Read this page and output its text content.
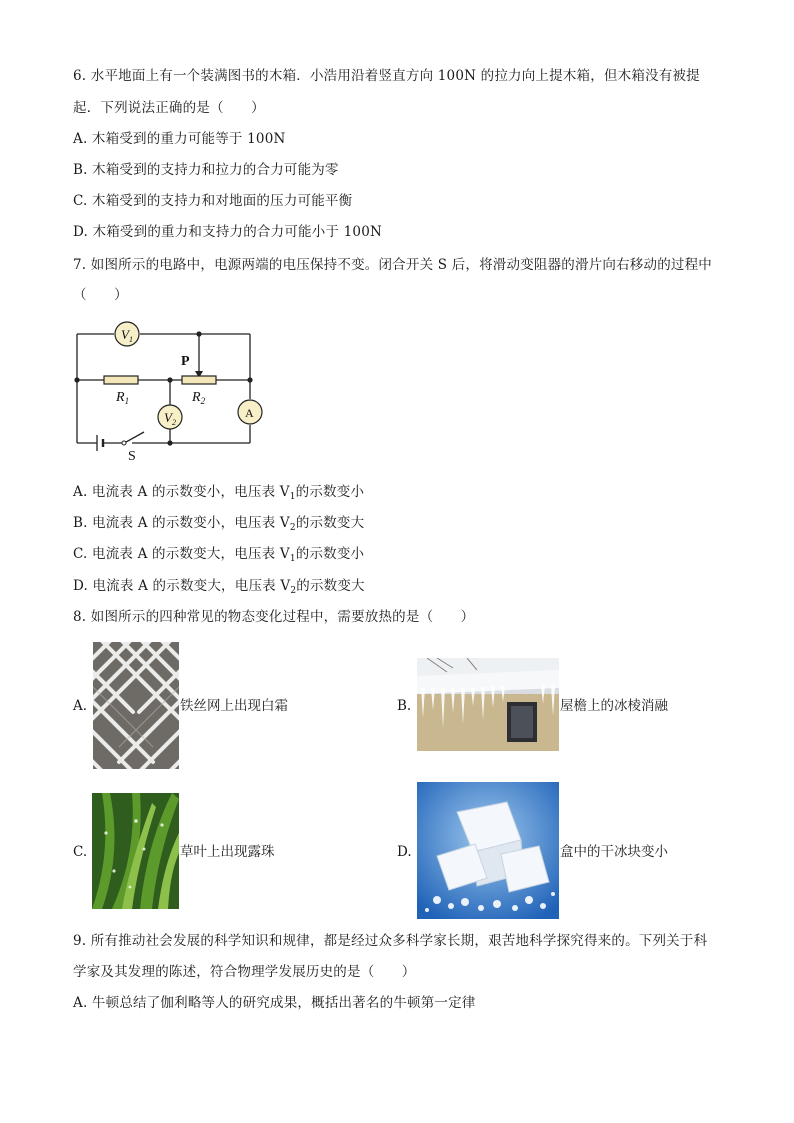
6. 水平地面上有一个装满图书的木箱．小浩用沿着竖直方向 100N 的拉力向上提木箱，但木箱没有被提
起．下列说法正确的是（　　）
A. 木箱受到的重力可能等于 100N
B. 木箱受到的支持力和拉力的合力可能为零
C. 木箱受到的支持力和对地面的压力可能平衡
D. 木箱受到的重力和支持力的合力可能小于 100N
7. 如图所示的电路中，电源两端的电压保持不变。闭合开关 S 后，将滑动变阻器的滑片向右移动的过程中
（　　）
$V_1$
$V_2$
A
P
$R_1$	$R_2$
S
A. 电流表 A 的示数变小，电压表 $V_1$的示数变小
B. 电流表 A 的示数变小，电压表 $V_2$的示数变大
C. 电流表 A 的示数变大，电压表 $V_1$的示数变小
D. 电流表 A 的示数变大，电压表 $V_2$的示数变大
8. 如图所示的四种常见的物态变化过程中，需要放热的是（　　）
A.	铁丝网上出现白霜	B.	屋檐上的冰棱消融
C.	草叶上出现露珠	D.	盒中的干冰块变小
9. 所有推动社会发展的科学知识和规律，都是经过众多科学家长期，艰苦地科学探究得来的。下列关于科
学家及其发理的陈述，符合物理学发展历史的是（　　）
A. 牛顿总结了伽利略等人的研究成果，概括出著名的牛顿第一定律
